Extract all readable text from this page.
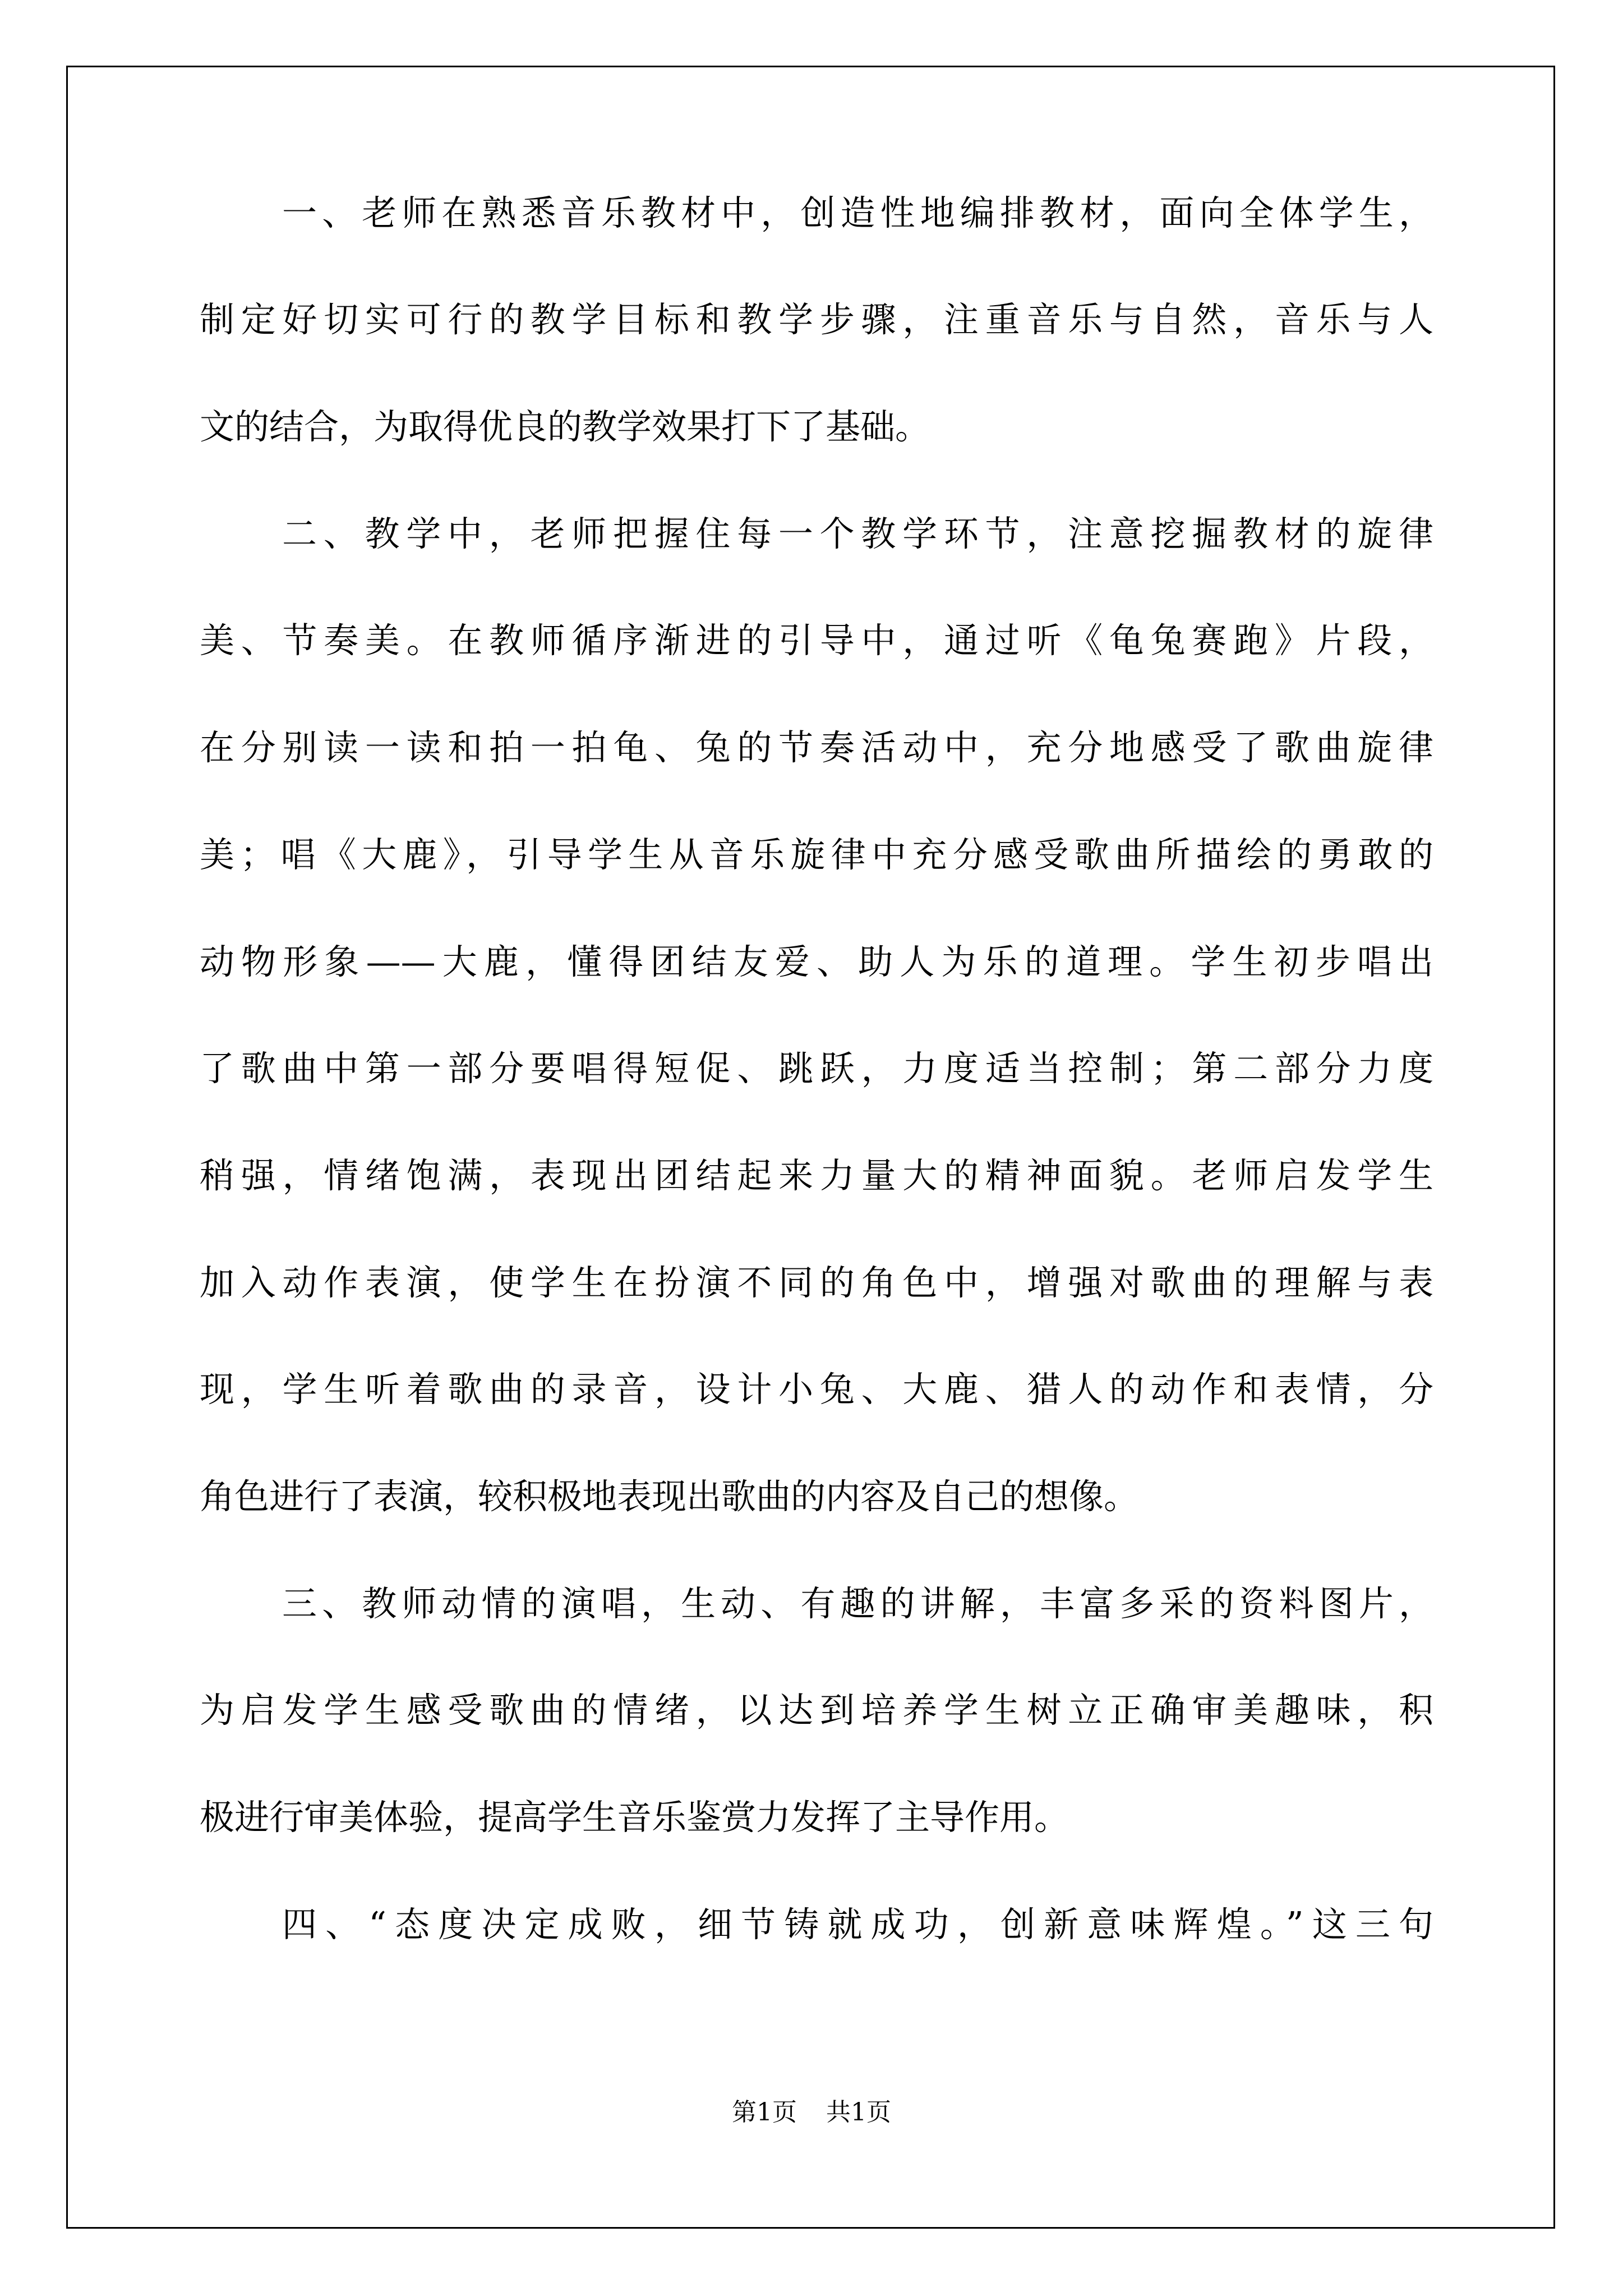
一、老师在熟悉音乐教材中，创造性地编排教材，面向全体学生，
制定好切实可行的教学目标和教学步骤，注重音乐与自然，音乐与人
文的结合，为取得优良的教学效果打下了基础。
二、教学中，老师把握住每一个教学环节，注意挖掘教材的旋律
美、节奏美。在教师循序渐进的引导中，通过听《龟兔赛跑》片段，
在分别读一读和拍一拍龟、兔的节奏活动中，充分地感受了歌曲旋律
美；唱《大鹿》，引导学生从音乐旋律中充分感受歌曲所描绘的勇敢的
动物形象——大鹿，懂得团结友爱、助人为乐的道理。学生初步唱出
了歌曲中第一部分要唱得短促、跳跃，力度适当控制；第二部分力度
稍强，情绪饱满，表现出团结起来力量大的精神面貌。老师启发学生
加入动作表演，使学生在扮演不同的角色中，增强对歌曲的理解与表
现，学生听着歌曲的录音，设计小兔、大鹿、猎人的动作和表情，分
角色进行了表演，较积极地表现出歌曲的内容及自己的想像。
三、教师动情的演唱，生动、有趣的讲解，丰富多采的资料图片，
为启发学生感受歌曲的情绪，以达到培养学生树立正确审美趣味，积
极进行审美体验，提高学生音乐鉴赏力发挥了主导作用。
四、“态度决定成败，细节铸就成功，创新意味辉煌。”这三句
第1页 共1页
